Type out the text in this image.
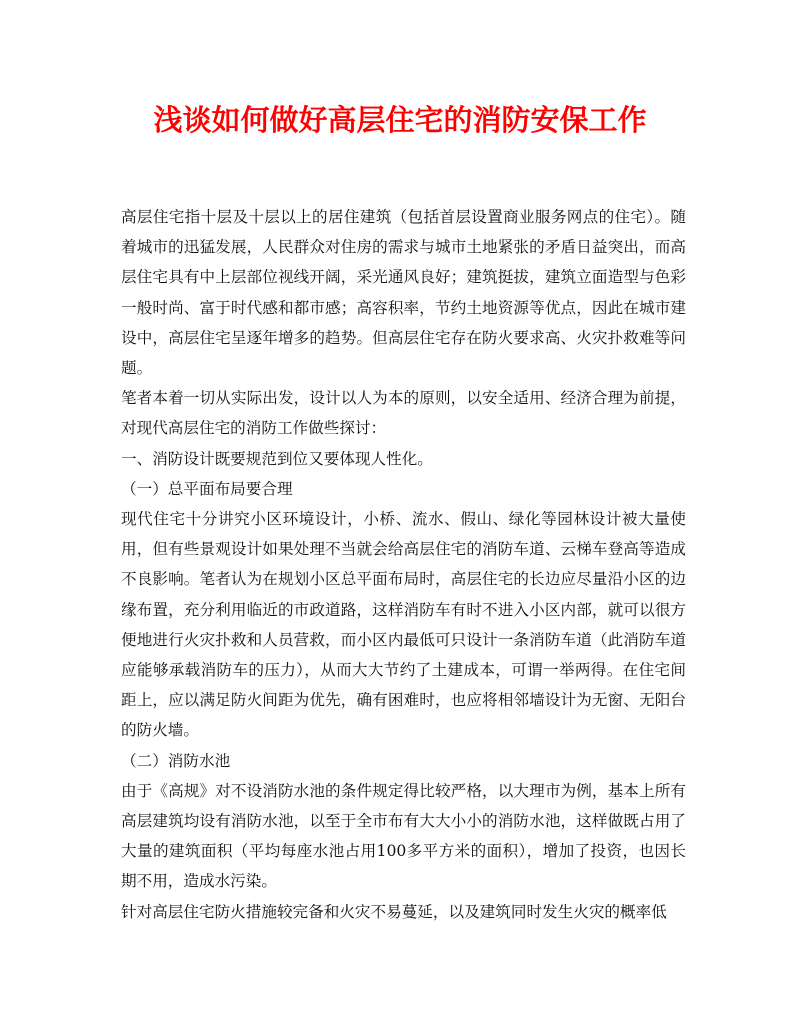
浅谈如何做好高层住宅的消防安保工作

高层住宅指十层及十层以上的居住建筑（包括首层设置商业服务网点的住宅）。随着城市的迅猛发展，人民群众对住房的需求与城市土地紧张的矛盾日益突出，而高层住宅具有中上层部位视线开阔，采光通风良好；建筑挺拔，建筑立面造型与色彩一般时尚、富于时代感和都市感；高容积率，节约土地资源等优点，因此在城市建设中，高层住宅呈逐年增多的趋势。但高层住宅存在防火要求高、火灾扑救难等问题。

笔者本着一切从实际出发，设计以人为本的原则，以安全适用、经济合理为前提，对现代高层住宅的消防工作做些探讨：

一、消防设计既要规范到位又要体现人性化。

（一）总平面布局要合理

现代住宅十分讲究小区环境设计，小桥、流水、假山、绿化等园林设计被大量使用，但有些景观设计如果处理不当就会给高层住宅的消防车道、云梯车登高等造成不良影响。笔者认为在规划小区总平面布局时，高层住宅的长边应尽量沿小区的边缘布置，充分利用临近的市政道路，这样消防车有时不进入小区内部，就可以很方便地进行火灾扑救和人员营救，而小区内最低可只设计一条消防车道（此消防车道应能够承载消防车的压力），从而大大节约了土建成本，可谓一举两得。在住宅间距上，应以满足防火间距为优先，确有困难时，也应将相邻墙设计为无窗、无阳台的防火墙。

（二）消防水池

由于《高规》对不设消防水池的条件规定得比较严格，以大理市为例，基本上所有高层建筑均设有消防水池，以至于全市布有大大小小的消防水池，这样做既占用了大量的建筑面积（平均每座水池占用100多平方米的面积），增加了投资，也因长期不用，造成水污染。

针对高层住宅防火措施较完备和火灾不易蔓延，以及建筑同时发生火灾的概率低
